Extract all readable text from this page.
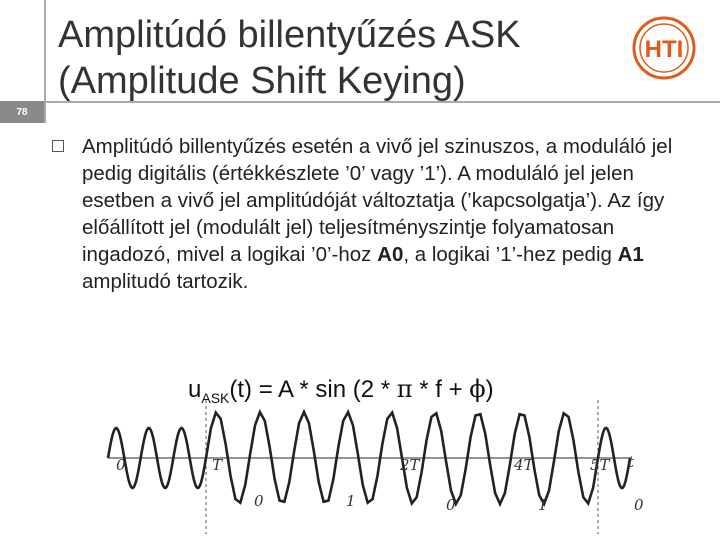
78
Amplitúdó billentyűzés ASK
(Amplitude Shift Keying)
HTI
Amplitúdó billentyűzés esetén a vivő jel szinuszos, a moduláló jel pedig digitális (értékkészlete ’0’ vagy ’1’). A moduláló jel jelen esetben a vivő jel amplitúdóját változtatja (’kapcsolgatja’). Az így előállított jel (modulált jel) teljesítményszintje folyamatosan ingadozó, mivel a logikai ’0’-hoz A0, a logikai ’1’-hez pedig A1 amplitudó tartozik.
0	T	2T	4T	5T t
0	1	0	1	0
$u_{ASK}(t) = A * \sin (2 * \pi * f + \phi)$
